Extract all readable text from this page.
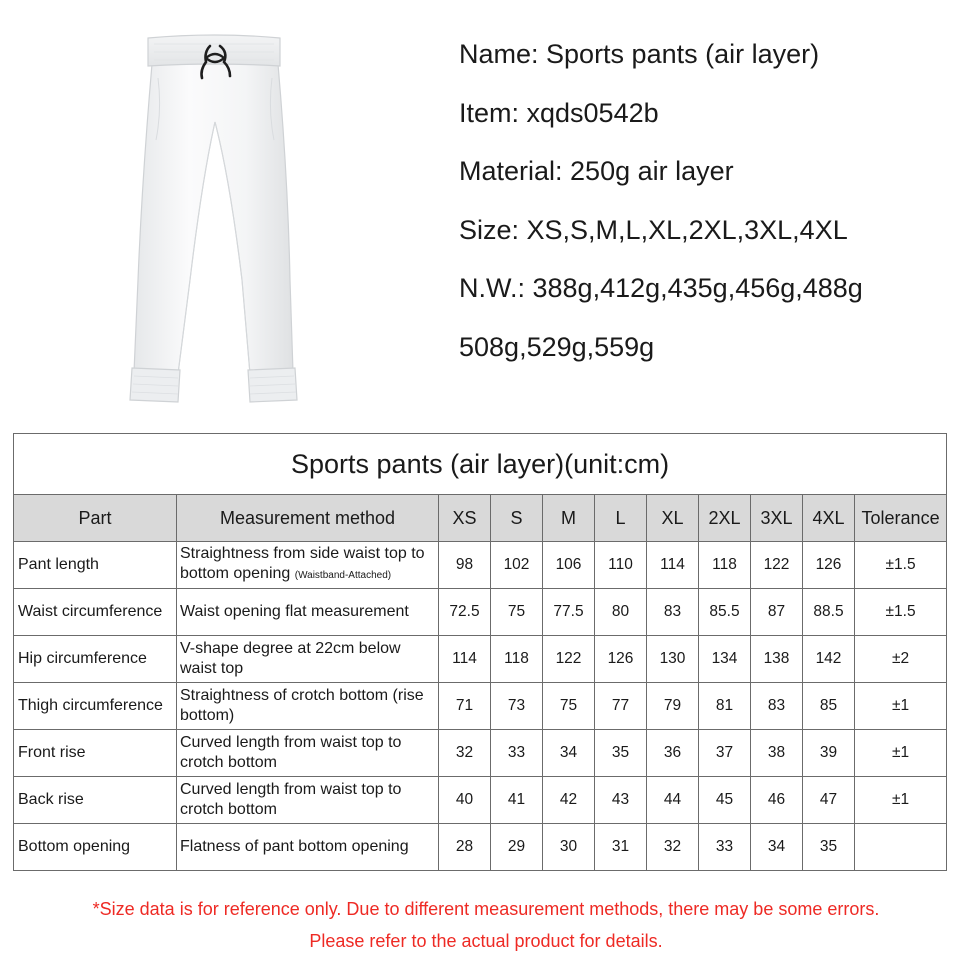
Name: Sports pants (air layer)
Item: xqds0542b
Material: 250g air layer
Size: XS,S,M,L,XL,2XL,3XL,4XL
N.W.: 388g,412g,435g,456g,488g
508g,529g,559g
Sports pants (air layer)(unit:cm)										
Part	Measurement method	XS	S	M	L	XL	2XL	3XL	4XL	Tolerance
Pant length	Straightness from side waist top to bottom opening (Waistband-Attached)	98	102	106	110	114	118	122	126	±1.5
Waist circumference	Waist opening flat measurement	72.5	75	77.5	80	83	85.5	87	88.5	±1.5
Hip circumference	V-shape degree at 22cm below waist top	114	118	122	126	130	134	138	142	±2
Thigh circumference	Straightness of crotch bottom (rise bottom)	71	73	75	77	79	81	83	85	±1
Front rise	Curved length from waist top to crotch bottom	32	33	34	35	36	37	38	39	±1
Back rise	Curved length from waist top to crotch bottom	40	41	42	43	44	45	46	47	±1
Bottom opening	Flatness of pant bottom opening	28	29	30	31	32	33	34	35	
*Size data is for reference only. Due to different measurement methods, there may be some errors.
Please refer to the actual product for details.
